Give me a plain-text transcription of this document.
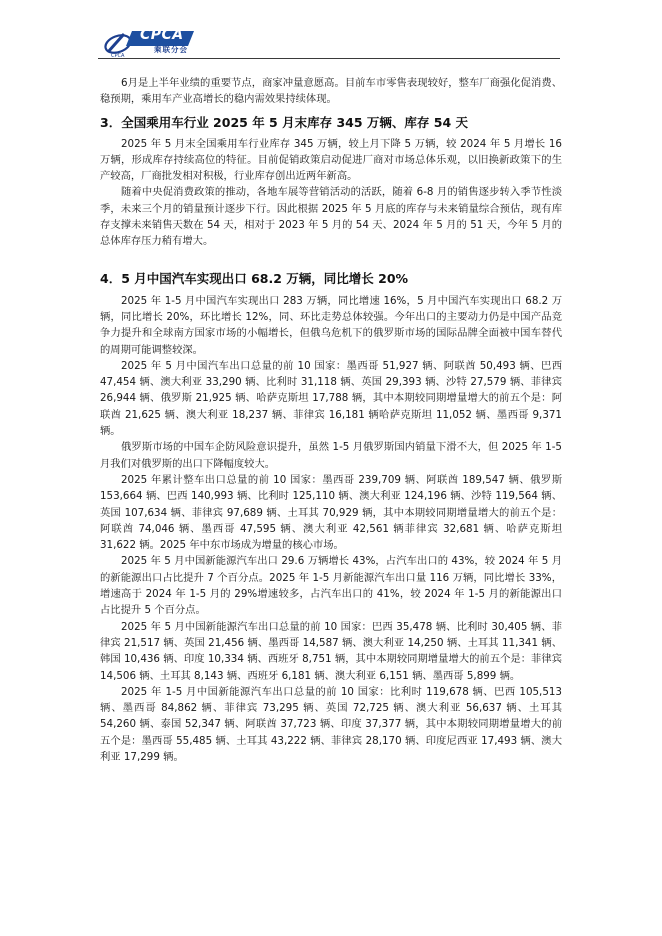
CPCA
CPCA
乘联分会

6月是上半年业绩的重要节点，商家冲量意愿高。目前车市零售表现较好，整车厂商强化促消费、稳预期，乘用车产业高增长的稳内需效果持续体现。

3．全国乘用车行业 2025 年 5 月末库存 345 万辆、库存 54 天

2025 年 5 月末全国乘用车行业库存 345 万辆，较上月下降 5 万辆，较 2024 年 5 月增长 16 万辆，形成库存持续高位的特征。目前促销政策启动促进厂商对市场总体乐观，以旧换新政策下的生产较高，厂商批发相对积极，行业库存创出近两年新高。

随着中央促消费政策的推动，各地车展等营销活动的活跃，随着 6-8 月的销售逐步转入季节性淡季，未来三个月的销量预计逐步下行。因此根据 2025 年 5 月底的库存与未来销量综合预估，现有库存支撑未来销售天数在 54 天，相对于 2023 年 5 月的 54 天、2024 年 5 月的 51 天，今年 5 月的总体库存压力稍有增大。

4．5 月中国汽车实现出口 68.2 万辆，同比增长 20%

2025 年 1-5 月中国汽车实现出口 283 万辆，同比增速 16%，5 月中国汽车实现出口 68.2 万辆，同比增长 20%，环比增长 12%，同、环比走势总体较强。今年出口的主要动力仍是中国产品竞争力提升和全球南方国家市场的小幅增长，但俄乌危机下的俄罗斯市场的国际品牌全面被中国车替代的周期可能调整较深。

2025 年 5 月中国汽车出口总量的前 10 国家：墨西哥 51,927 辆、阿联酋 50,493 辆、巴西 47,454 辆、澳大利亚 33,290 辆、比利时 31,118 辆、英国 29,393 辆、沙特 27,579 辆、菲律宾 26,944 辆、俄罗斯 21,925 辆、哈萨克斯坦 17,788 辆，其中本期较同期增量增大的前五个是：阿联酋 21,625 辆、澳大利亚 18,237 辆、菲律宾 16,181 辆哈萨克斯坦 11,052 辆、墨西哥 9,371 辆。

俄罗斯市场的中国车企防风险意识提升，虽然 1-5 月俄罗斯国内销量下滑不大，但 2025 年 1-5 月我们对俄罗斯的出口下降幅度较大。

2025 年累计整车出口总量的前 10 国家：墨西哥 239,709 辆、阿联酋 189,547 辆、俄罗斯 153,664 辆、巴西 140,993 辆、比利时 125,110 辆、澳大利亚 124,196 辆、沙特 119,564 辆、英国 107,634 辆、菲律宾 97,689 辆、土耳其 70,929 辆，其中本期较同期增量增大的前五个是：阿联酋 74,046 辆、墨西哥 47,595 辆、澳大利亚 42,561 辆菲律宾 32,681 辆、哈萨克斯坦 31,622 辆。2025 年中东市场成为增量的核心市场。

2025 年 5 月中国新能源汽车出口 29.6 万辆增长 43%，占汽车出口的 43%，较 2024 年 5 月的新能源出口占比提升 7 个百分点。2025 年 1-5 月新能源汽车出口量 116 万辆，同比增长 33%，增速高于 2024 年 1-5 月的 29%增速较多，占汽车出口的 41%，较 2024 年 1-5 月的新能源出口占比提升 5 个百分点。

2025 年 5 月中国新能源汽车出口总量的前 10 国家：巴西 35,478 辆、比利时 30,405 辆、菲律宾 21,517 辆、英国 21,456 辆、墨西哥 14,587 辆、澳大利亚 14,250 辆、土耳其 11,341 辆、韩国 10,436 辆、印度 10,334 辆、西班牙 8,751 辆，其中本期较同期增量增大的前五个是：菲律宾 14,506 辆、土耳其 8,143 辆、西班牙 6,181 辆、澳大利亚 6,151 辆、墨西哥 5,899 辆。

2025 年 1-5 月中国新能源汽车出口总量的前 10 国家：比利时 119,678 辆、巴西 105,513 辆、墨西哥 84,862 辆、菲律宾 73,295 辆、英国 72,725 辆、澳大利亚 56,637 辆、土耳其 54,260 辆、泰国 52,347 辆、阿联酋 37,723 辆、印度 37,377 辆，其中本期较同期增量增大的前五个是：墨西哥 55,485 辆、土耳其 43,222 辆、菲律宾 28,170 辆、印度尼西亚 17,493 辆、澳大利亚 17,299 辆。
